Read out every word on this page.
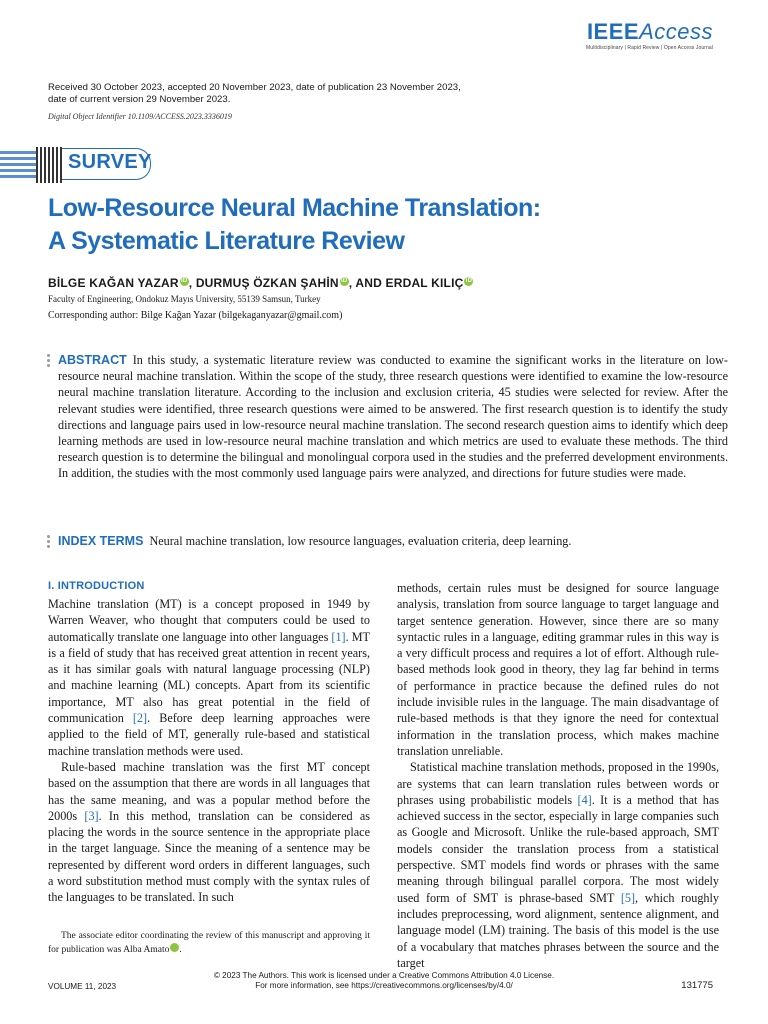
IEEEAccess
Multidisciplinary | Rapid Review | Open Access Journal
Received 30 October 2023, accepted 20 November 2023, date of publication 23 November 2023, date of current version 29 November 2023.
Digital Object Identifier 10.1109/ACCESS.2023.3336019
SURVEY
Low-Resource Neural Machine Translation:
A Systematic Literature Review
BİLGE KAĞAN YAZAR iD, DURMUŞ ÖZKAN ŞAHİN iD, AND ERDAL KILIÇ iD
Faculty of Engineering, Ondokuz Mayıs University, 55139 Samsun, Turkey
Corresponding author: Bilge Kağan Yazar (bilgekaganyazar@gmail.com)
ABSTRACT In this study, a systematic literature review was conducted to examine the significant works in the literature on low-resource neural machine translation. Within the scope of the study, three research questions were identified to examine the low-resource neural machine translation literature. According to the inclusion and exclusion criteria, 45 studies were selected for review. After the relevant studies were identified, three research questions were aimed to be answered. The first research question is to identify the study directions and language pairs used in low-resource neural machine translation. The second research question aims to identify which deep learning methods are used in low-resource neural machine translation and which metrics are used to evaluate these methods. The third research question is to determine the bilingual and monolingual corpora used in the studies and the preferred development environments. In addition, the studies with the most commonly used language pairs were analyzed, and directions for future studies were made.
INDEX TERMS Neural machine translation, low resource languages, evaluation criteria, deep learning.
I. INTRODUCTION

Machine translation (MT) is a concept proposed in 1949 by Warren Weaver, who thought that computers could be used to automatically translate one language into other languages [1]. MT is a field of study that has received great attention in recent years, as it has similar goals with natural language processing (NLP) and machine learning (ML) concepts. Apart from its scientific importance, MT also has great potential in the field of communication [2]. Before deep learning approaches were applied to the field of MT, generally rule-based and statistical machine translation methods were used.

Rule-based machine translation was the first MT concept based on the assumption that there are words in all languages that has the same meaning, and was a popular method before the 2000s [3]. In this method, translation can be considered as placing the words in the source sentence in the appropriate place in the target language. Since the meaning of a sentence may be represented by different word orders in different languages, such a word substitution method must comply with the syntax rules of the languages to be translated. In such

methods, certain rules must be designed for source language analysis, translation from source language to target language and target sentence generation. However, since there are so many syntactic rules in a language, editing grammar rules in this way is a very difficult process and requires a lot of effort. Although rule-based methods look good in theory, they lag far behind in terms of performance in practice because the defined rules do not include invisible rules in the language. The main disadvantage of rule-based methods is that they ignore the need for contextual information in the translation process, which makes machine translation unreliable.

Statistical machine translation methods, proposed in the 1990s, are systems that can learn translation rules between words or phrases using probabilistic models [4]. It is a method that has achieved success in the sector, especially in large companies such as Google and Microsoft. Unlike the rule-based approach, SMT models consider the translation process from a statistical perspective. SMT models find words or phrases with the same meaning through bilingual parallel corpora. The most widely used form of SMT is phrase-based SMT [5], which roughly includes preprocessing, word alignment, sentence alignment, and language model (LM) training. The basis of this model is the use of a vocabulary that matches phrases between the source and the target

The associate editor coordinating the review of this manuscript and approving it for publication was Alba Amato iD.
© 2023 The Authors. This work is licensed under a Creative Commons Attribution 4.0 License.
For more information, see https://creativecommons.org/licenses/by/4.0/
VOLUME 11, 2023	131775
